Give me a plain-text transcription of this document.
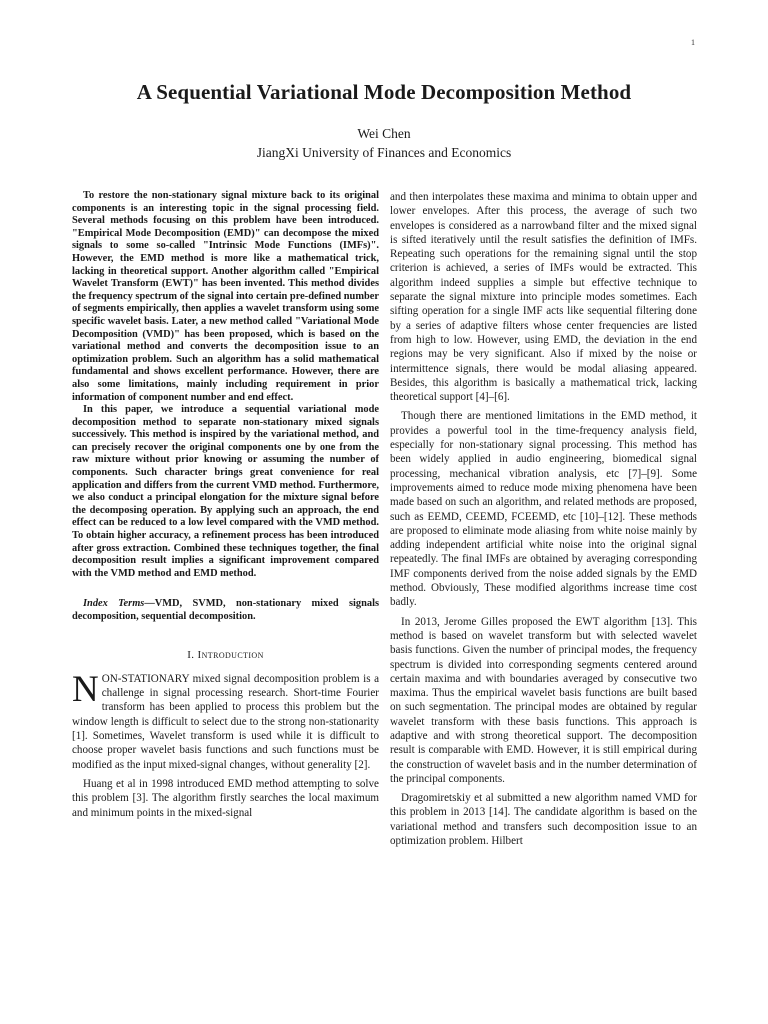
1
A Sequential Variational Mode Decomposition Method
Wei Chen
JiangXi University of Finances and Economics

To restore the non-stationary signal mixture back to its original components is an interesting topic in the signal processing field. Several methods focusing on this problem have been introduced. "Empirical Mode Decomposition (EMD)" can decompose the mixed signals to some so-called "Intrinsic Mode Functions (IMFs)". However, the EMD method is more like a mathematical trick, lacking in theoretical support. Another algorithm called "Empirical Wavelet Transform (EWT)" has been invented. This method divides the frequency spectrum of the signal into certain pre-defined number of segments empirically, then applies a wavelet transform using some specific wavelet basis. Later, a new method called "Variational Mode Decomposition (VMD)" has been proposed, which is based on the variational method and converts the decomposition issue to an optimization problem. Such an algorithm has a solid mathematical fundamental and shows excellent performance. However, there are also some limitations, mainly including requirement in prior information of component number and end effect.

In this paper, we introduce a sequential variational mode decomposition method to separate non-stationary mixed signals successively. This method is inspired by the variational method, and can precisely recover the original components one by one from the raw mixture without prior knowing or assuming the number of components. Such character brings great convenience for real application and differs from the current VMD method. Furthermore, we also conduct a principal elongation for the mixture signal before the decomposing operation. By applying such an approach, the end effect can be reduced to a low level compared with the VMD method. To obtain higher accuracy, a refinement process has been introduced after gross extraction. Combined these techniques together, the final decomposition result implies a significant improvement compared with the VMD method and EMD method.

Index Terms—VMD, SVMD, non-stationary mixed signals decomposition, sequential decomposition.

I. Introduction

NON-STATIONARY mixed signal decomposition problem is a challenge in signal processing research. Short-time Fourier transform has been applied to process this problem but the window length is difficult to select due to the strong non-stationarity [1]. Sometimes, Wavelet transform is used while it is difficult to choose proper wavelet basis functions and such functions must be modified as the input mixed-signal changes, without generality [2].

Huang et al in 1998 introduced EMD method attempting to solve this problem [3]. The algorithm firstly searches the local maximum and minimum points in the mixed-signal

and then interpolates these maxima and minima to obtain upper and lower envelopes. After this process, the average of such two envelopes is considered as a narrowband filter and the mixed signal is sifted iteratively until the result satisfies the definition of IMFs. Repeating such operations for the remaining signal until the stop criterion is achieved, a series of IMFs would be extracted. This algorithm indeed supplies a simple but effective technique to separate the signal mixture into principle modes sometimes. Each sifting operation for a single IMF acts like sequential filtering done by a series of adaptive filters whose center frequencies are listed from high to low. However, using EMD, the deviation in the end regions may be very significant. Also if mixed by the noise or intermittence signals, there would be modal aliasing appeared. Besides, this algorithm is basically a mathematical trick, lacking theoretical support [4]–[6].

Though there are mentioned limitations in the EMD method, it provides a powerful tool in the time-frequency analysis field, especially for non-stationary signal processing. This method has been widely applied in audio engineering, biomedical signal processing, mechanical vibration analysis, etc [7]–[9]. Some improvements aimed to reduce mode mixing phenomena have been made based on such an algorithm, and related methods are proposed, such as EEMD, CEEMD, FCEEMD, etc [10]–[12]. These methods are proposed to eliminate mode aliasing from white noise mainly by adding independent artificial white noise into the original signal repeatedly. The final IMFs are obtained by averaging corresponding IMF components derived from the noise added signals by the EMD method. Obviously, These modified algorithms increase time cost badly.

In 2013, Jerome Gilles proposed the EWT algorithm [13]. This method is based on wavelet transform but with selected wavelet basis functions. Given the number of principal modes, the frequency spectrum is divided into corresponding segments centered around certain maxima and with boundaries averaged by consecutive two maxima. Thus the empirical wavelet basis functions are built based on such segmentation. The principal modes are obtained by regular wavelet transform with these basis functions. This approach is adaptive and with strong theoretical support. The decomposition result is comparable with EMD. However, it is still empirical during the construction of wavelet basis and in the number determination of the principal components.

Dragomiretskiy et al submitted a new algorithm named VMD for this problem in 2013 [14]. The candidate algorithm is based on the variational method and transfers such decomposition issue to an optimization problem. Hilbert
